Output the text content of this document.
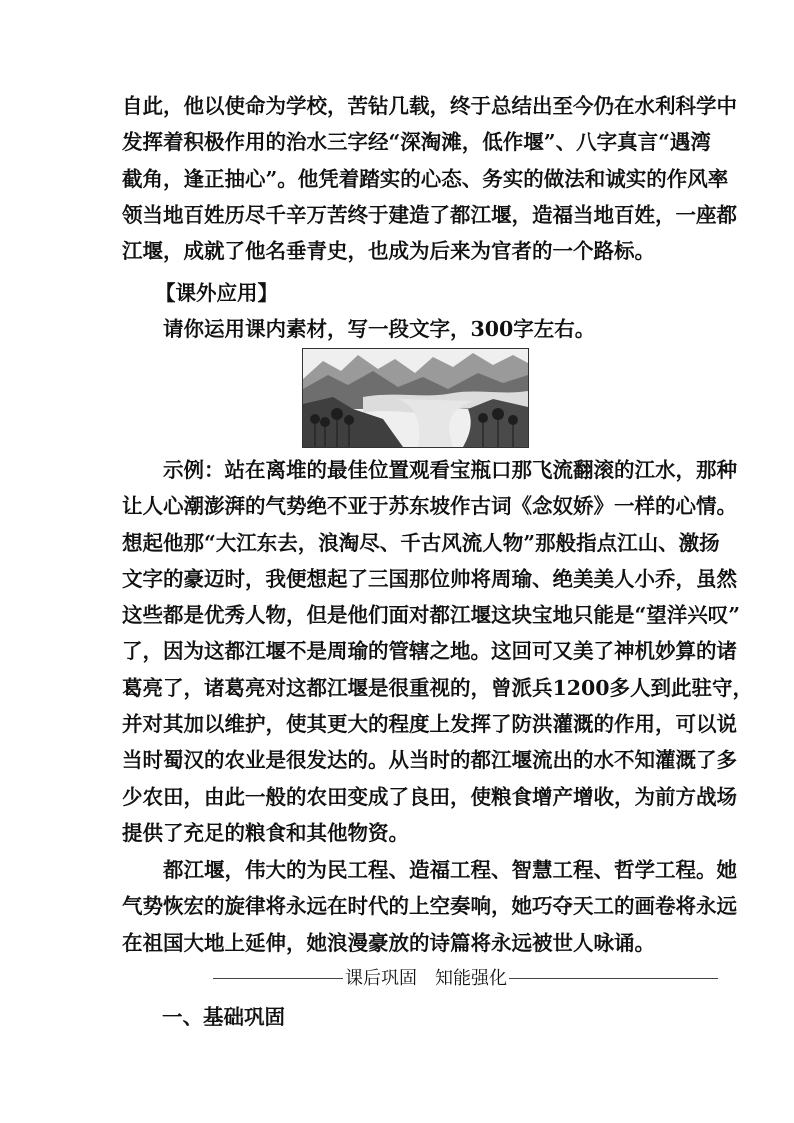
自此，他以使命为学校，苦钻几载，终于总结出至今仍在水利科学中
发挥着积极作用的治水三字经“深淘滩，低作堰”、八字真言“遇湾
截角，逢正抽心”。他凭着踏实的心态、务实的做法和诚实的作风率
领当地百姓历尽千辛万苦终于建造了都江堰，造福当地百姓，一座都
江堰，成就了他名垂青史，也成为后来为官者的一个路标。

【课外应用】

请你运用课内素材，写一段文字，300字左右。

示例：站在离堆的最佳位置观看宝瓶口那飞流翻滚的江水，那种
让人心潮澎湃的气势绝不亚于苏东坡作古词《念奴娇》一样的心情。
想起他那“大江东去，浪淘尽、千古风流人物”那般指点江山、激扬
文字的豪迈时，我便想起了三国那位帅将周瑜、绝美美人小乔，虽然
这些都是优秀人物，但是他们面对都江堰这块宝地只能是“望洋兴叹”
了，因为这都江堰不是周瑜的管辖之地。这回可又美了神机妙算的诸
葛亮了，诸葛亮对这都江堰是很重视的，曾派兵1200多人到此驻守，
并对其加以维护，使其更大的程度上发挥了防洪灌溉的作用，可以说
当时蜀汉的农业是很发达的。从当时的都江堰流出的水不知灌溉了多
少农田，由此一般的农田变成了良田，使粮食增产增收，为前方战场
提供了充足的粮食和其他物资。
都江堰，伟大的为民工程、造福工程、智慧工程、哲学工程。她
气势恢宏的旋律将永远在时代的上空奏响，她巧夺天工的画卷将永远
在祖国大地上延伸，她浪漫豪放的诗篇将永远被世人咏诵。
课后巩固　知能强化

一、基础巩固
